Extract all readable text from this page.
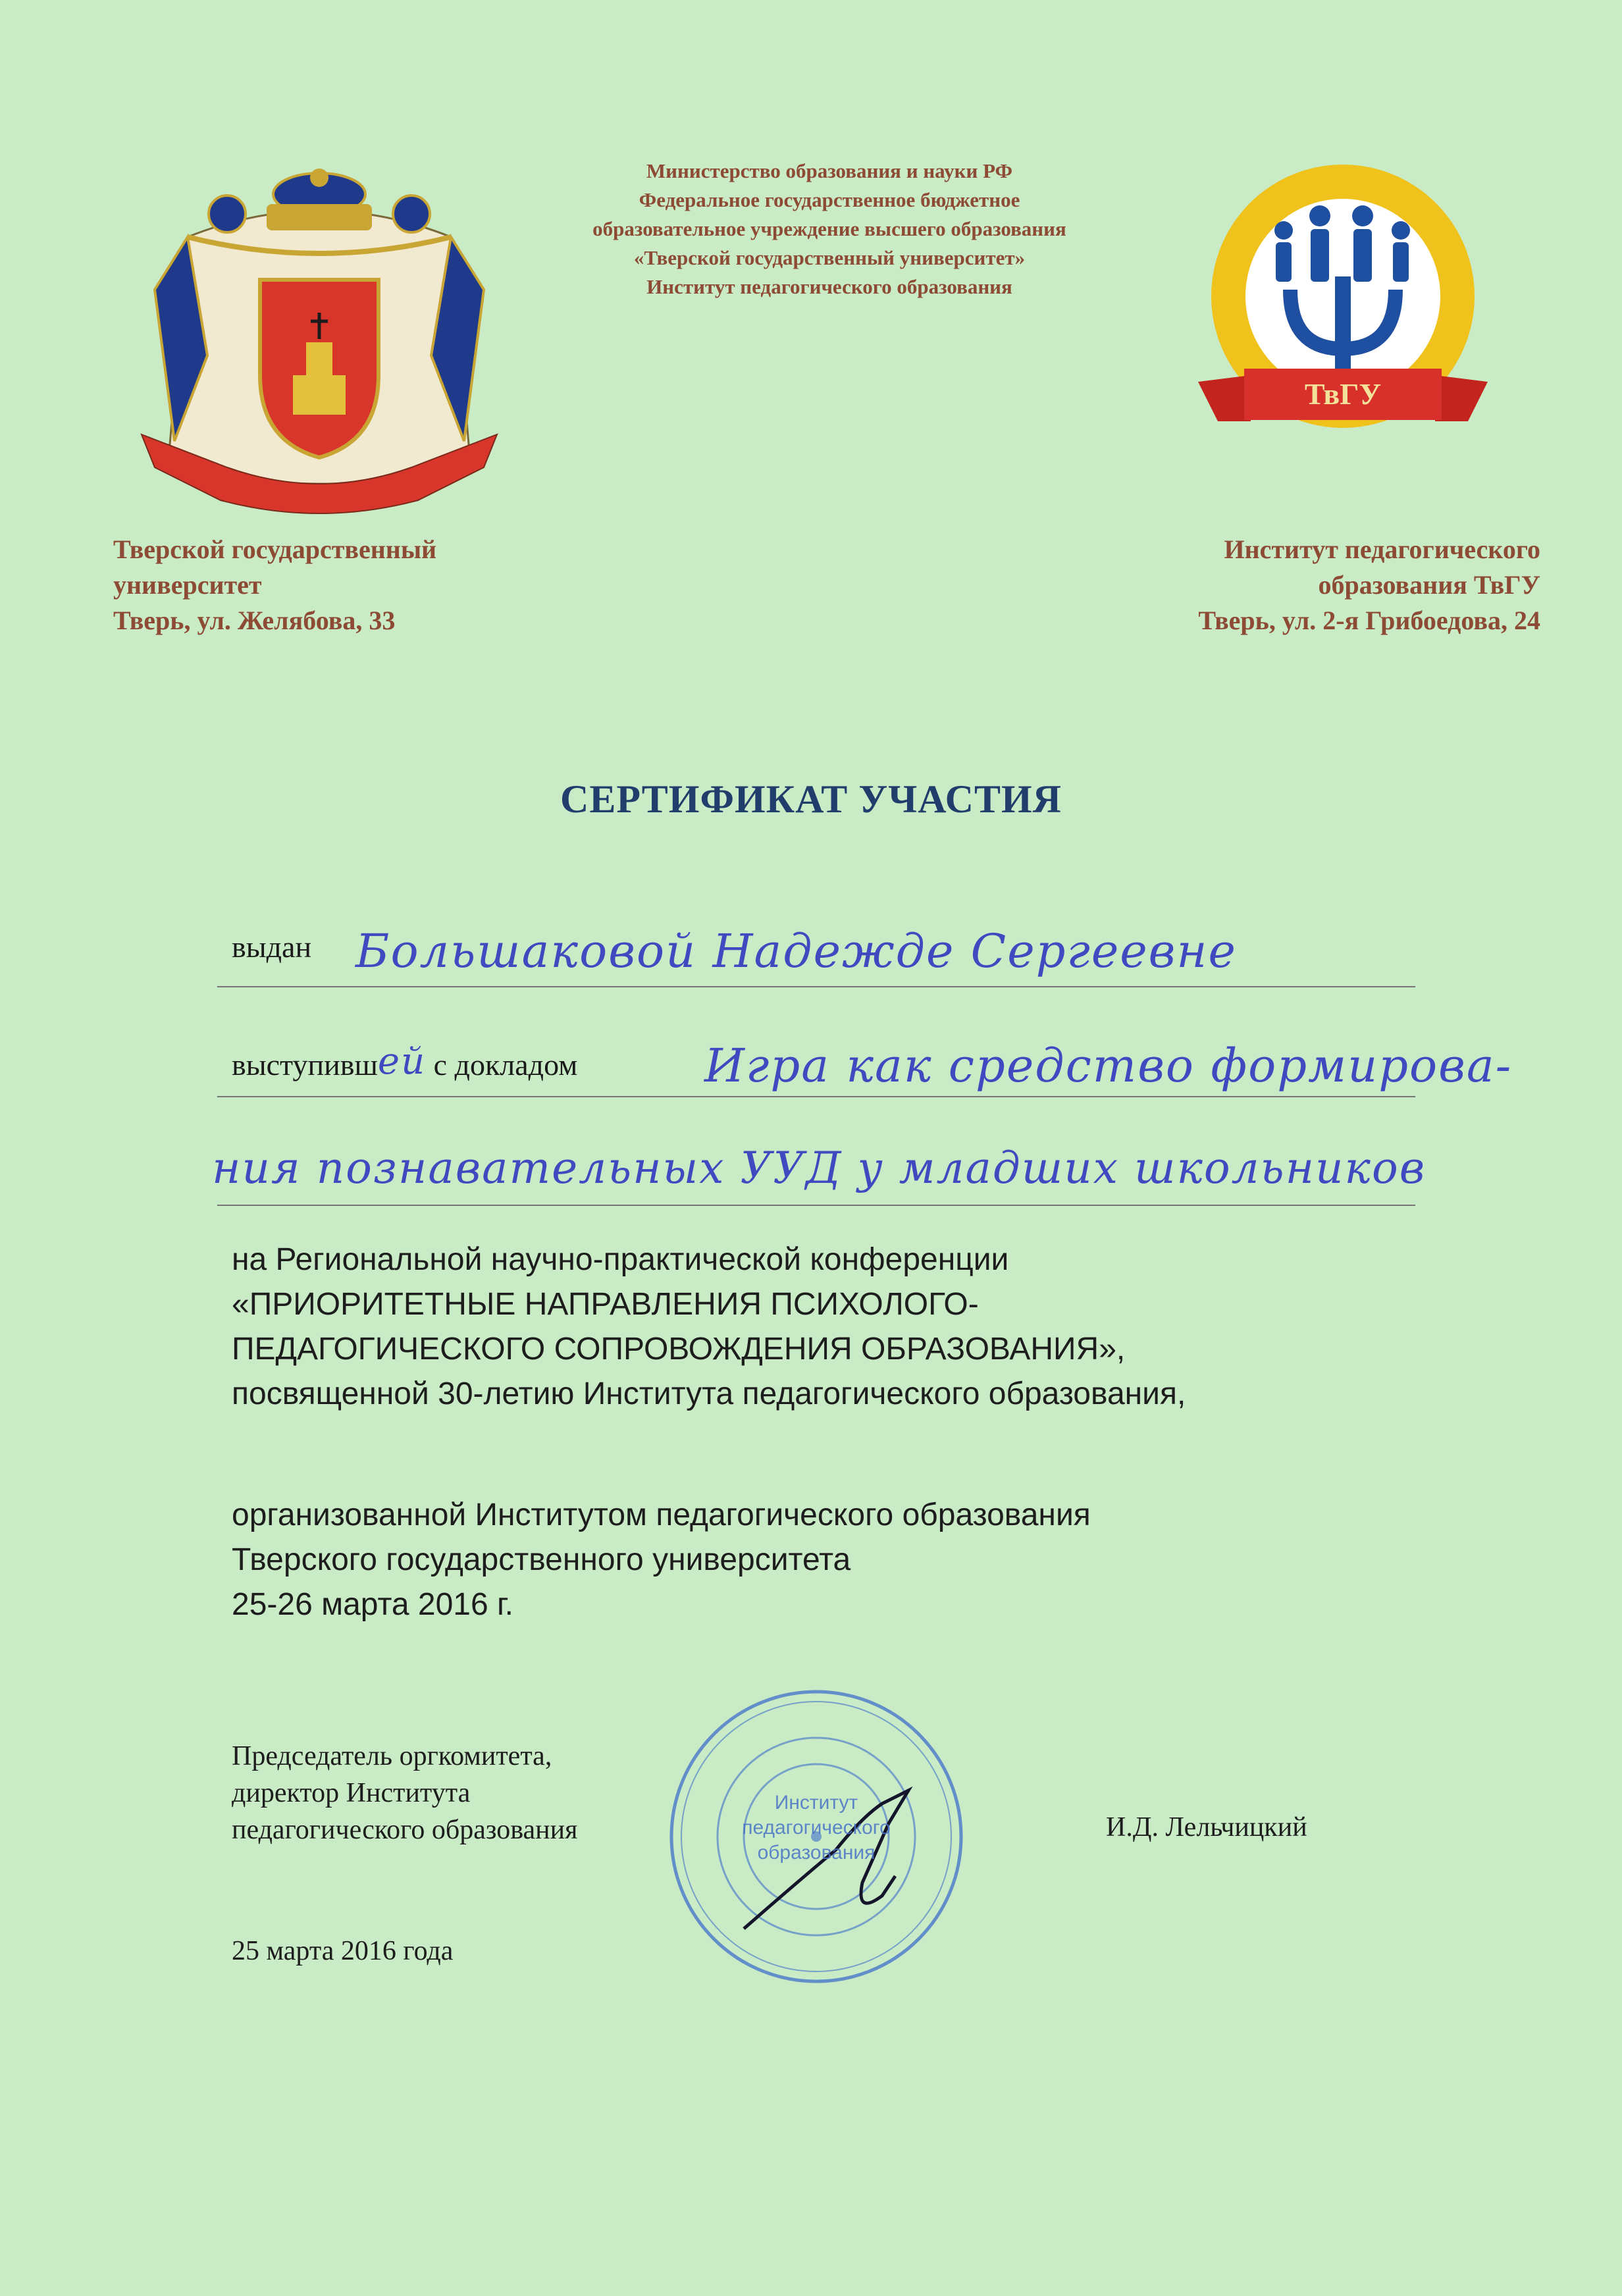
ТвГУ
Министерство образования и науки РФ
Федеральное государственное бюджетное
образовательное учреждение высшего образования
«Тверской государственный университет»
Институт педагогического образования
Тверской государственный
университет
Тверь, ул. Желябова, 33
Институт педагогического
образования ТвГУ
Тверь, ул. 2-я Грибоедова, 24
СЕРТИФИКАТ УЧАСТИЯ
выдан Большаковой Надежде Сергеевне
выступившей с докладом	Игра как средство формирова-
ния познавательных УУД у младших школьников
на Региональной научно-практической конференции
«ПРИОРИТЕТНЫЕ НАПРАВЛЕНИЯ ПСИХОЛОГО-
ПЕДАГОГИЧЕСКОГО СОПРОВОЖДЕНИЯ ОБРАЗОВАНИЯ»,
посвященной 30-летию Института педагогического образования,
организованной Институтом педагогического образования
Тверского государственного университета
25-26 марта 2016 г.
Председатель оргкомитета,
директор Института
педагогического образования	И.Д. Лельчицкий
25 марта 2016 года
Институт
педагогического
образования
